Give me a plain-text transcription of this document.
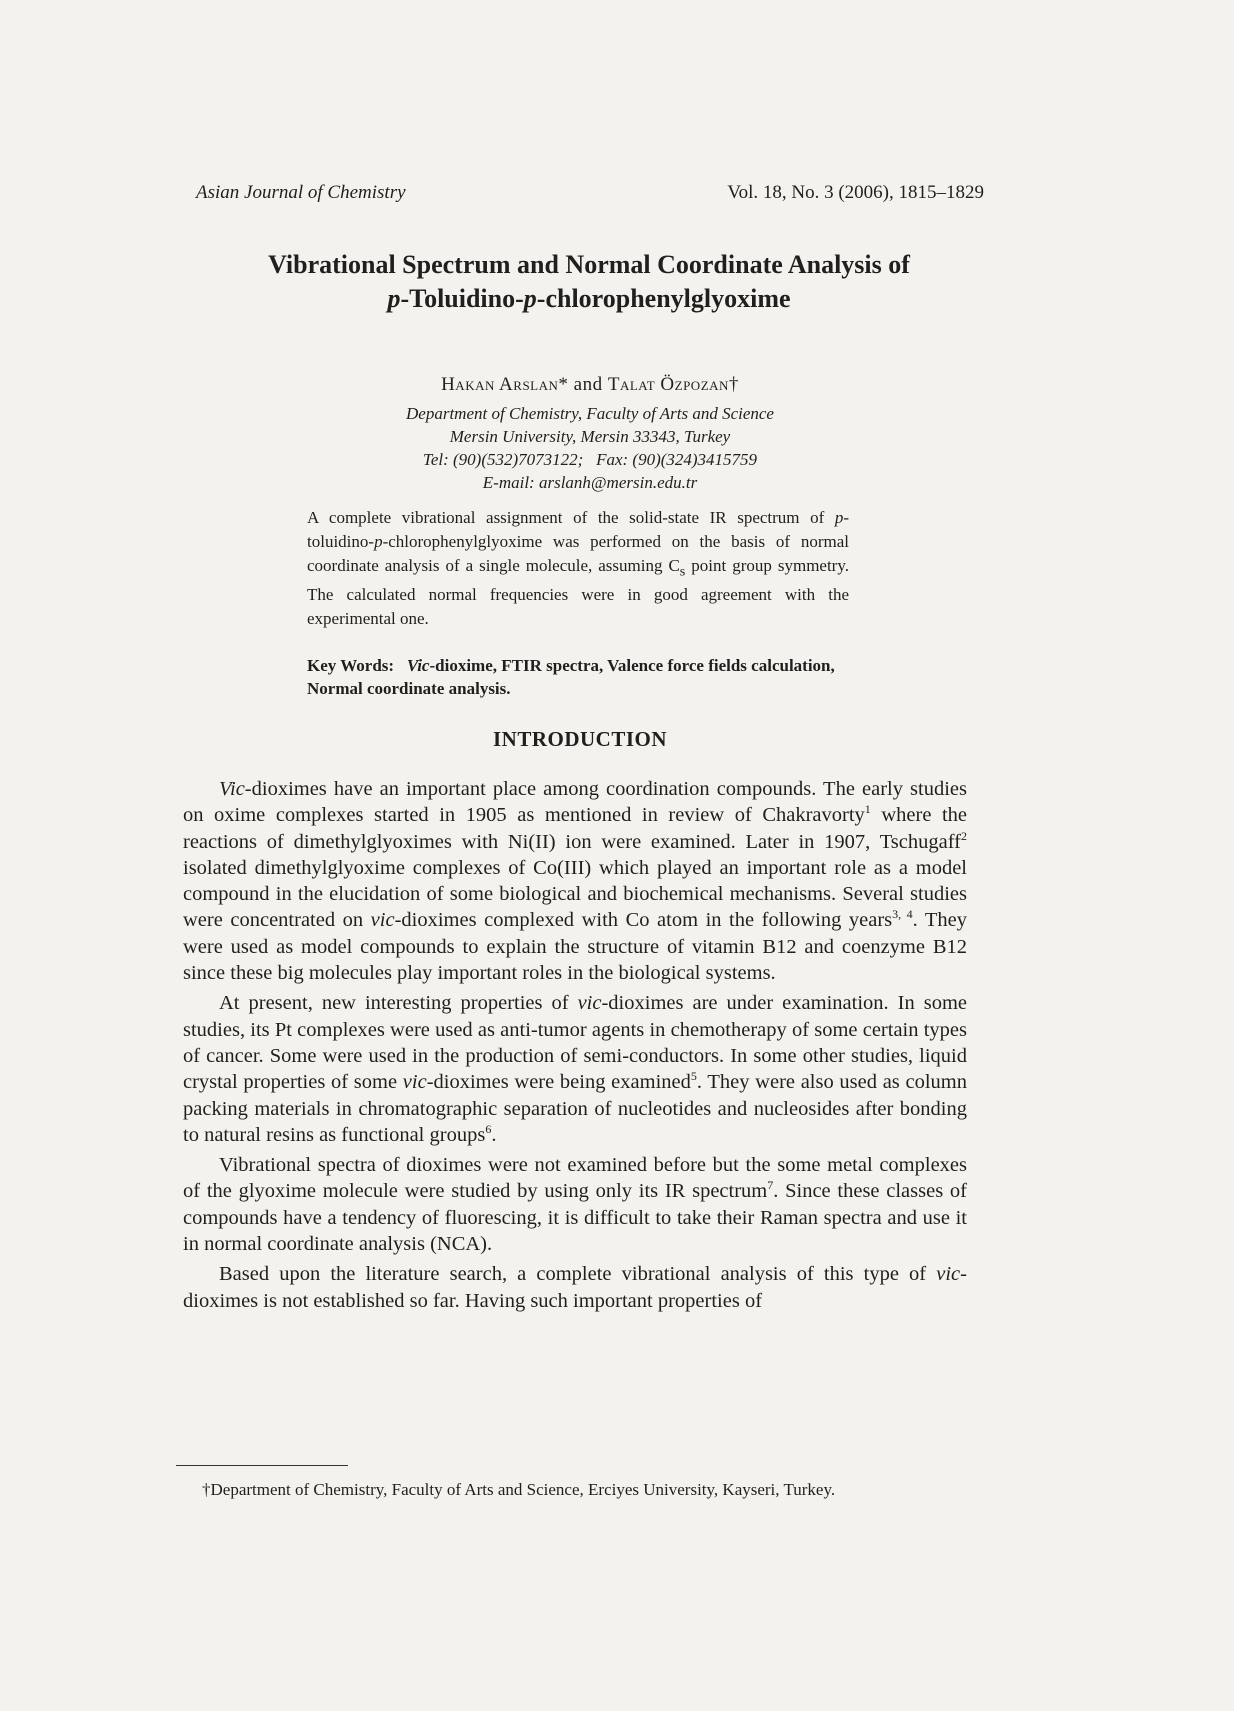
Asian Journal of Chemistry	Vol. 18, No. 3 (2006), 1815–1829
Vibrational Spectrum and Normal Coordinate Analysis of
p-Toluidino-p-chlorophenylglyoxime
Hakan Arslan* and Talat Özpozan†
Department of Chemistry, Faculty of Arts and Science
Mersin University, Mersin 33343, Turkey
Tel: (90)(532)7073122; Fax: (90)(324)3415759
E-mail: arslanh@mersin.edu.tr
A complete vibrational assignment of the solid-state IR spectrum of p-toluidino-p-chlorophenylglyoxime was performed on the basis of normal coordinate analysis of a single molecule, assuming $C_s$ point group symmetry. The calculated normal frequencies were in good agreement with the experimental one.
Key Words: Vic-dioxime, FTIR spectra, Valence force fields calculation, Normal coordinate analysis.
INTRODUCTION

Vic-dioximes have an important place among coordination compounds. The early studies on oxime complexes started in 1905 as mentioned in review of Chakravorty$^1$ where the reactions of dimethylglyoximes with Ni(II) ion were examined. Later in 1907, Tschugaff$^2$ isolated dimethylglyoxime complexes of Co(III) which played an important role as a model compound in the elucidation of some biological and biochemical mechanisms. Several studies were concentrated on vic-dioximes complexed with Co atom in the following years$^{3, 4}$. They were used as model compounds to explain the structure of vitamin B12 and coenzyme B12 since these big molecules play important roles in the biological systems.

At present, new interesting properties of vic-dioximes are under examination. In some studies, its Pt complexes were used as anti-tumor agents in chemotherapy of some certain types of cancer. Some were used in the production of semi-conductors. In some other studies, liquid crystal properties of some vic-dioximes were being examined$^5$. They were also used as column packing materials in chromatographic separation of nucleotides and nucleosides after bonding to natural resins as functional groups$^6$.

Vibrational spectra of dioximes were not examined before but the some metal complexes of the glyoxime molecule were studied by using only its IR spectrum$^7$. Since these classes of compounds have a tendency of fluorescing, it is difficult to take their Raman spectra and use it in normal coordinate analysis (NCA).

Based upon the literature search, a complete vibrational analysis of this type of vic-dioximes is not established so far. Having such important properties of

†Department of Chemistry, Faculty of Arts and Science, Erciyes University, Kayseri, Turkey.
